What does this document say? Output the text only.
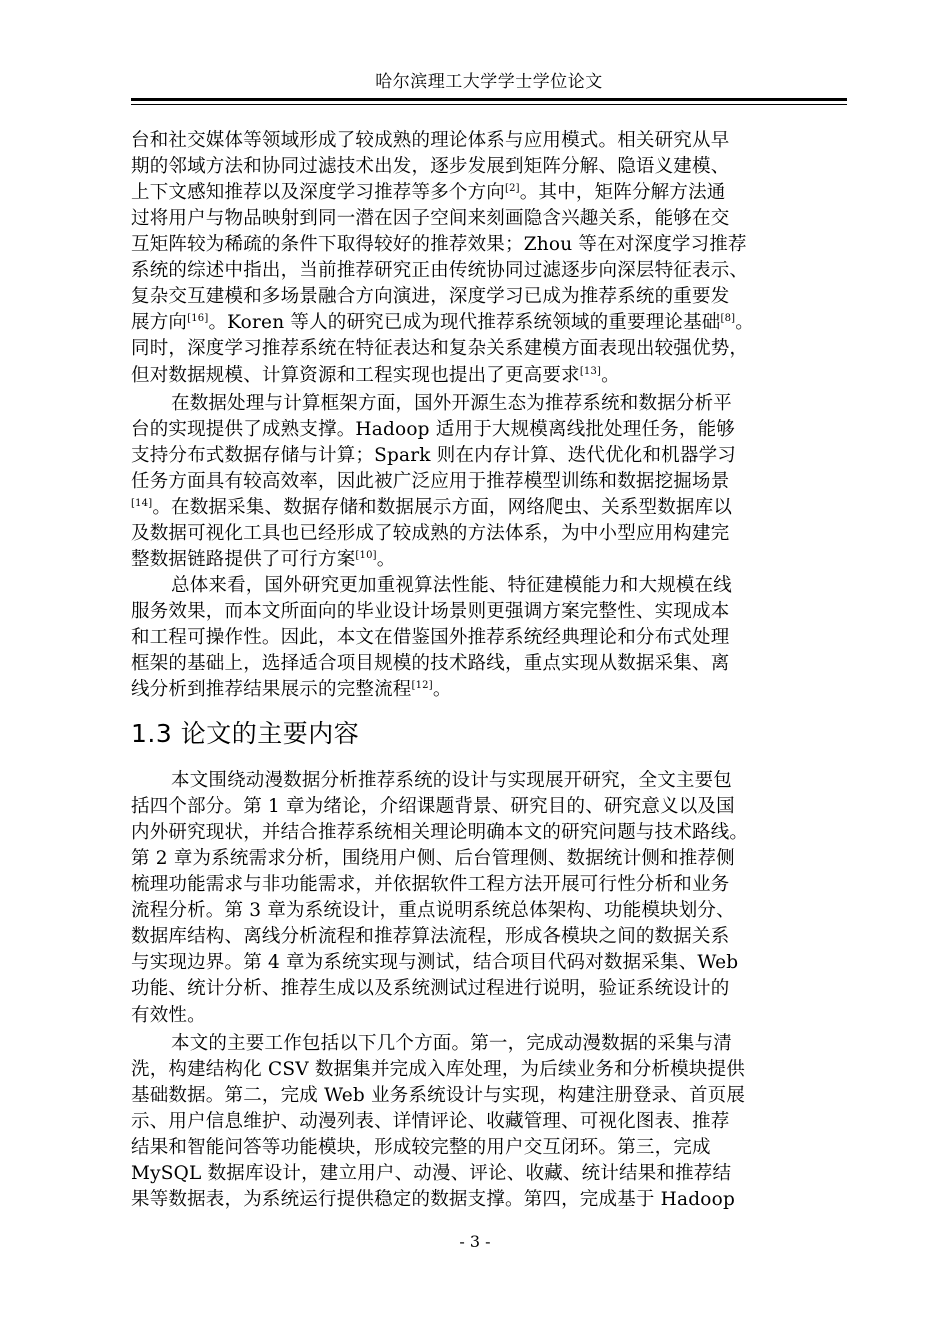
哈尔滨理工大学学士学位论文
台和社交媒体等领域形成了较成熟的理论体系与应用模式。相关研究从早
期的邻域方法和协同过滤技术出发，逐步发展到矩阵分解、隐语义建模、
上下文感知推荐以及深度学习推荐等多个方向[2]。其中，矩阵分解方法通
过将用户与物品映射到同一潜在因子空间来刻画隐含兴趣关系，能够在交
互矩阵较为稀疏的条件下取得较好的推荐效果；Zhou 等在对深度学习推荐
系统的综述中指出，当前推荐研究正由传统协同过滤逐步向深层特征表示、
复杂交互建模和多场景融合方向演进，深度学习已成为推荐系统的重要发
展方向[16]。Koren 等人的研究已成为现代推荐系统领域的重要理论基础[8]。
同时，深度学习推荐系统在特征表达和复杂关系建模方面表现出较强优势，
但对数据规模、计算资源和工程实现也提出了更高要求[13]。
在数据处理与计算框架方面，国外开源生态为推荐系统和数据分析平
台的实现提供了成熟支撑。Hadoop 适用于大规模离线批处理任务，能够
支持分布式数据存储与计算；Spark 则在内存计算、迭代优化和机器学习
任务方面具有较高效率，因此被广泛应用于推荐模型训练和数据挖掘场景
[14]。在数据采集、数据存储和数据展示方面，网络爬虫、关系型数据库以
及数据可视化工具也已经形成了较成熟的方法体系，为中小型应用构建完
整数据链路提供了可行方案[10]。
总体来看，国外研究更加重视算法性能、特征建模能力和大规模在线
服务效果，而本文所面向的毕业设计场景则更强调方案完整性、实现成本
和工程可操作性。因此，本文在借鉴国外推荐系统经典理论和分布式处理
框架的基础上，选择适合项目规模的技术路线，重点实现从数据采集、离
线分析到推荐结果展示的完整流程[12]。
本文围绕动漫数据分析推荐系统的设计与实现展开研究，全文主要包
括四个部分。第 1 章为绪论，介绍课题背景、研究目的、研究意义以及国
内外研究现状，并结合推荐系统相关理论明确本文的研究问题与技术路线。
第 2 章为系统需求分析，围绕用户侧、后台管理侧、数据统计侧和推荐侧
梳理功能需求与非功能需求，并依据软件工程方法开展可行性分析和业务
流程分析。第 3 章为系统设计，重点说明系统总体架构、功能模块划分、
数据库结构、离线分析流程和推荐算法流程，形成各模块之间的数据关系
与实现边界。第 4 章为系统实现与测试，结合项目代码对数据采集、Web
功能、统计分析、推荐生成以及系统测试过程进行说明，验证系统设计的
有效性。
本文的主要工作包括以下几个方面。第一，完成动漫数据的采集与清
洗，构建结构化 CSV 数据集并完成入库处理，为后续业务和分析模块提供
基础数据。第二，完成 Web 业务系统设计与实现，构建注册登录、首页展
示、用户信息维护、动漫列表、详情评论、收藏管理、可视化图表、推荐
结果和智能问答等功能模块，形成较完整的用户交互闭环。第三，完成
MySQL 数据库设计，建立用户、动漫、评论、收藏、统计结果和推荐结
果等数据表，为系统运行提供稳定的数据支撑。第四，完成基于 Hadoop
1.3 论文的主要内容
- 3 -
